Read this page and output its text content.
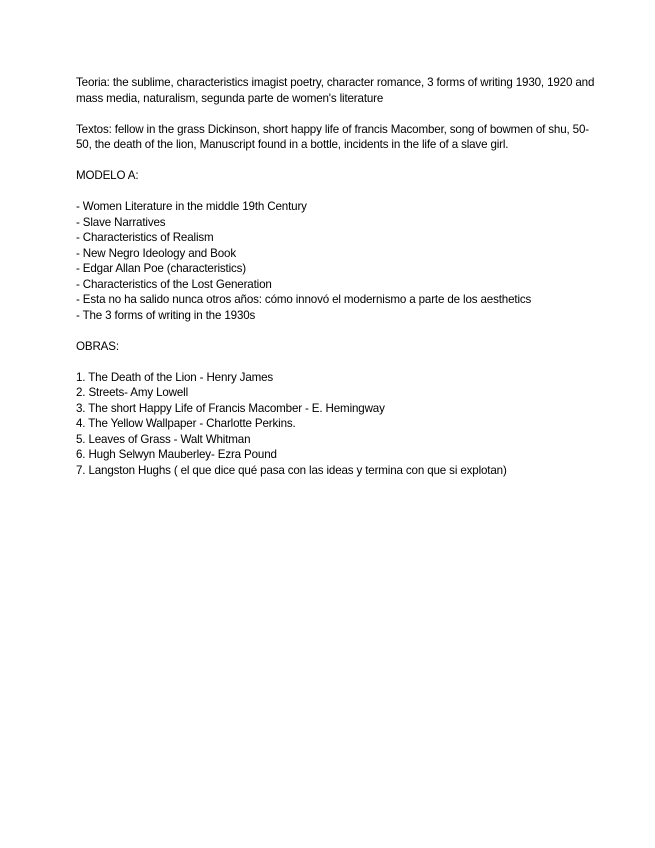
Teoria: the sublime, characteristics imagist poetry, character romance, 3 forms of writing 1930, 1920 and mass media, naturalism, segunda parte de women's literature

Textos: fellow in the grass Dickinson, short happy life of francis Macomber, song of bowmen of shu, 50-50, the death of the lion, Manuscript found in a bottle, incidents in the life of a slave girl.

MODELO A:

- Women Literature in the middle 19th Century
- Slave Narratives
- Characteristics of Realism
- New Negro Ideology and Book
- Edgar Allan Poe (characteristics)
- Characteristics of the Lost Generation
- Esta no ha salido nunca otros años: cómo innovó el modernismo a parte de los aesthetics
- The 3 forms of writing in the 1930s

OBRAS:

1. The Death of the Lion - Henry James
2. Streets- Amy Lowell
3. The short Happy Life of Francis Macomber - E. Hemingway
4. The Yellow Wallpaper - Charlotte Perkins.
5. Leaves of Grass - Walt Whitman
6. Hugh Selwyn Mauberley- Ezra Pound
7. Langston Hughs ( el que dice qué pasa con las ideas y termina con que si explotan)
